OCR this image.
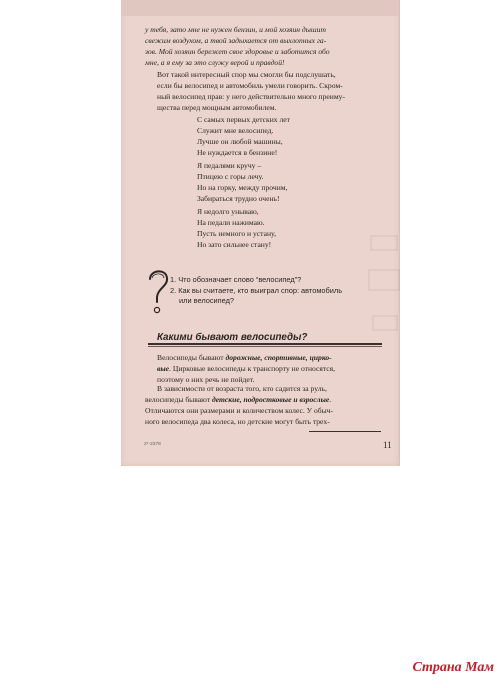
у тебя, зато мне не нужен бензин, и мой хозяин дышит
свежим воздухом, а твой задыхается от выхлопных га-
зов. Мой хозяин бережет свое здоровье и заботится обо
мне, а я ему за это служу верой и правдой!
Вот такой интересный спор мы смогли бы подслушать,
если бы велосипед и автомобиль умели говорить. Скром-
ный велосипед прав: у него действительно много преиму-
щества перед мощным автомобилем.
С самых первых детских лет
Служит мне велосипед.
Лучше он любой машины,
Не нуждается в бензине!
Я педалями кручу –
Птицею с горы лечу.
Но на горку, между прочим,
Забираться трудно очень!
Я недолго унываю,
На педали нажимаю.
Пусть немного и устану,
Но зато сильнее стану!
1. Что обозначает слово “велосипед”?
2. Как вы считаете, кто выиграл спор: автомобиль
или велосипед?
Какими бывают велосипеды?
Велосипеды бывают дорожные, спортивные, цирко-
вые. Цирковые велосипеды к транспорту не относятся,
поэтому о них речь не пойдет.
В зависимости от возраста того, кто садится за руль,
велосипеды бывают детские, подростковые и взрослые.
Отличаются они размерами и количеством колес. У обыч-
ного велосипеда два колеса, но детские могут быть трех-
2*-2378	11
Страна Мам
